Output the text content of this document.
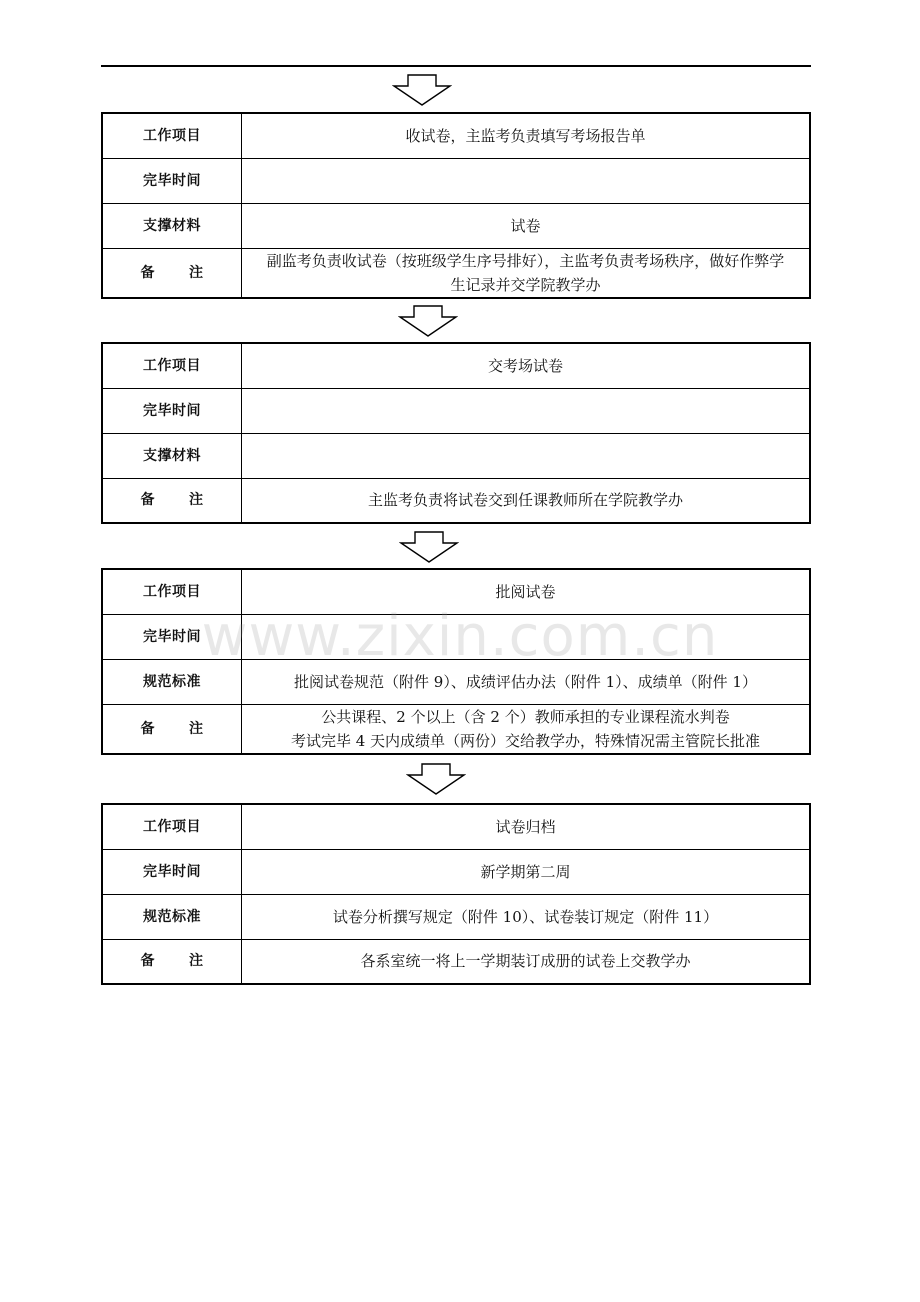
工作项目	收试卷，主监考负责填写考场报告单
完毕时间	
支撑材料	试卷
备 注	副监考负责收试卷（按班级学生序号排好），主监考负责考场秩序，做好作弊学
生记录并交学院教学办
工作项目	交考场试卷
完毕时间	
支撑材料	
备 注	主监考负责将试卷交到任课教师所在学院教学办
工作项目	批阅试卷
完毕时间	
规范标准	批阅试卷规范（附件 9）、成绩评估办法（附件 1）、成绩单（附件 1）
备 注	公共课程、2 个以上（含 2 个）教师承担的专业课程流水判卷
考试完毕 4 天内成绩单（两份）交给教学办，特殊情况需主管院长批准
工作项目	试卷归档
完毕时间	新学期第二周
规范标准	试卷分析撰写规定（附件 10）、试卷装订规定（附件 11）
备 注	各系室统一将上一学期装订成册的试卷上交教学办
www.zixin.com.cn
